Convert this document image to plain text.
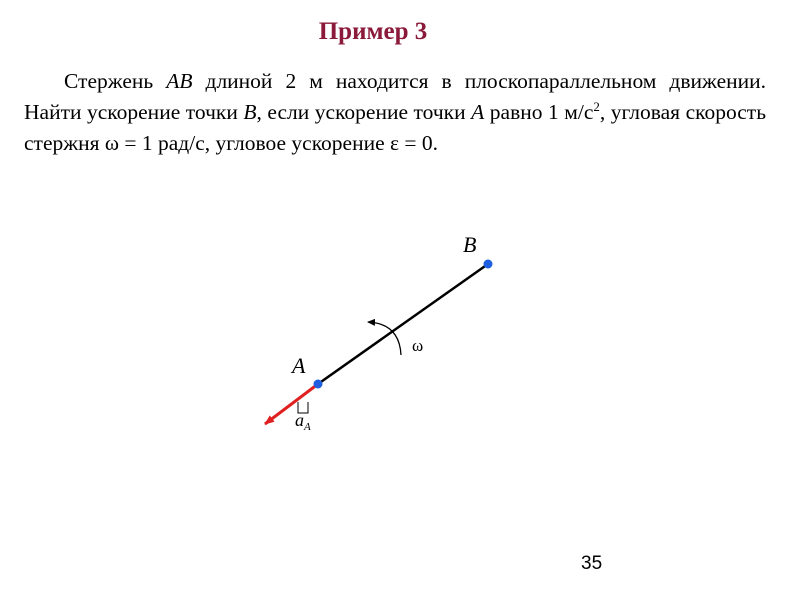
Пример 3
Стержень AB длиной 2 м находится в плоскопараллельном движении. Найти ускорение точки B, если ускорение точки A равно 1 $м/с^2$, угловая скорость стержня ω = 1 рад/с, угловое ускорение ε = 0.
B
A
ω
$a_A$
35
